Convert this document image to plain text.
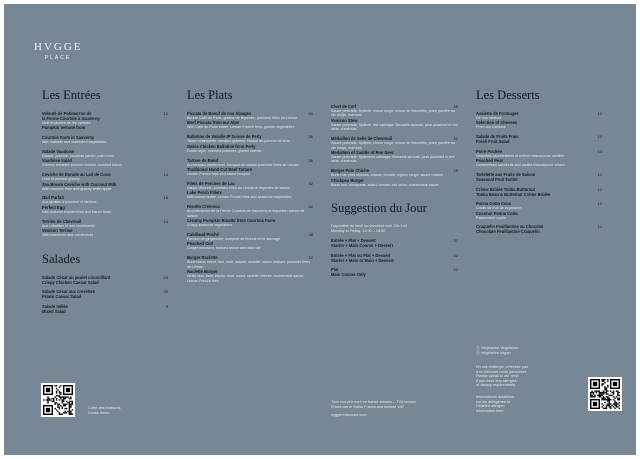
HVGGE
PLACE
Les Entrées
Velouté de Potimarron de
la Ferme Courtois à Sauverny
Noix et pickles de les Lymbes
Pumpkin Velouté from
12
Courtois Farm in Sauverny
With walnuts and marinated vegetables
Salade Vaudoise
Salade, pomme, saucisse panée, pain fume
Vaudoise Salad
Greens, breaded pomme cheese, smoked bacon
Ceviche de Dorade au Lait de Coco
Lime et pomme granny
Sea Bream Ceviche with Coconut Milk
With coconut, lime and granny smith apple
14
Œuf Parfait
Aux girolles d'automne et lardons
Perfect Egg
With autumn chanterelles and bacon foam
18
Terrine de Chevreuil
Aux noisettes et ses condiments
Venison Terrine
With hazelnuts and condiments
14
Salades
Salade César au poulet croustillant
Crispy Chicken Caesar Salad
24
Salade César aux crevettes
Prawn Caesar Salad
26
Salade mêlée
Mixed Salad
9
Carte des boissons
Drinks menu
Les Plats
Piccata de Boeuf de nos Alpages
Beurre Café de Paris, gratins de légumes, pommes frites du Léman
Beef Piccata from our Alps
With Cafe de Paris butter, Leman French fries, garden vegetables
40
Ballotine de Volaille IP Suisse de Perly
Yaourt champêtre, carottes glacées, écrasé de pomme de terre
Swiss Chicken Ballotine from Perly
Rustic style, mashed potatoes, glazed carrots
36
Tartare de Bœuf
Au couteau traditionnel, bouquet de salade pommes frites du Léman
Traditional Hand-Cut Beef Tartare
Leman French fries and salad bouquet
36
Filets de Perches de Lac
Sauce citronné, pommes frites du Léman et légumes de saison
Lake Perch Fillets
With lemon butter, Leman French fries and seasonal vegetables
42
Risotto Crémeux
Au potimarron de la Ferme Courtois de Sauverny et légumes racines de saison
Creamy Pumpkin Risotto from Courtois Farm
Crispy seasonal vegetables
32
Cabillaud Poché
Fondue de gingembre, compoté de fenouil et riz sauvage
Poached Cod
Ginger emulsion, braised fennel and wild rice
38
Burger Raclette
Buns blanc, bœuf, lard, rosti, salade, raclette, sauce maison, pommes frites du Léman
Raclette Burger
White bun, beef, bacon, rösti, salad, raclette cheese, homemade sauce, Leman French fries
32
Civet de Cerf
Sauce poivrade, Spätzle, choux rouge, choux de Bruxelles, poire pochée au vin rouge, marrons
Venison Stew
Sauce poivrade, Spätzle, red cabbage, Brussels sprouts, pear poached in red wine, chestnuts
45
Médaillon de Selle de Chevreuil
Sauce poivrade, Spätzle, choux rouge, choux de Bruxelles, poire pochée au vin rouge, marrons
Medallion of Saddle of Roe Deer
Sauce poivrade, Spätzleed cabbage, Brussels sprouts, pear poached in red wine, chestnuts
52
Burger Pois Chiche
Buns noir, pois chiches, salade, tomate, oignon rouge, sauce maison
Chickpea Burger
Black bun, chickpeas, salad, tomato, red onion, homemade sauce
29
Suggestion du Jour
Disponible du lundi au vendredi midi 12h-14h
Monday to Friday, 12:00 – 14:00
Entrée + Plat + Dessert
Starter + Main Course + Dessert
37
Entrée + Plat ou Plat + Dessert
Starter + Main or Main + Dessert
32
Plat
Main Course Only
22
Tous nos prix sont en francs suisses – TVA incluse
Prices are in Swiss Francs and include VAT
hyggerestaurant.com
Les Desserts
Assiette de Fromages
De nos cantons
Selection of Cheeses
From our Cantons
12
Salade de Fruits Frais
Fresh Fruit Salad
10
Poire Pochée
Noisettes caramélisées et crème mascarpone vanillée
Poached Pear
Caramelised hazelnuts and vanilla mascarpone cream
13
Tartelette aux Fruits de Saison
Seasonal Fruit Tartlet
14
Crème Brûlée Tonka Butternut
Tonka Bean & Butternut Crème Brûlée
12
Panna Cotta Coco
Coulis de fruit de la passion
Coconut Penna Cotta
Passionfruit coulis
12
Craquelin Feuillantine au Chocolat
Chocolate Feuillantine Craquelin
14
Ⓥ Végétarien Vegetarian
Ⓥ Végétalien Vegan
En cas d'allergie, n'hésitez pas
à en informer notre personnel.
Please speak to our crew
if you have any allergies
or dietary requirements.
Informations détaillées
sur les allergènes ici
Detailed allergen
information here
